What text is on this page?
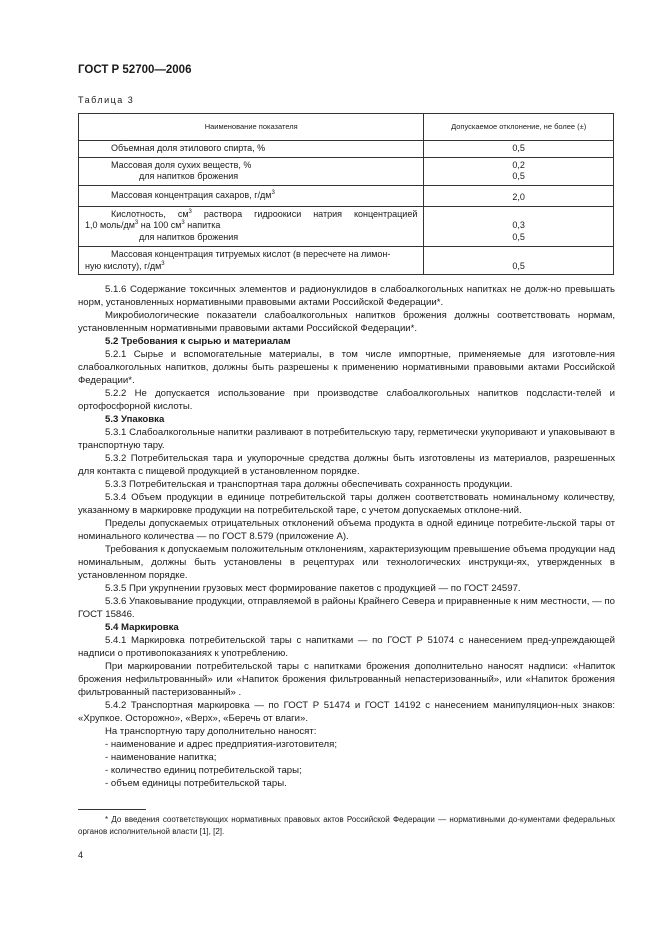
ГОСТ Р 52700—2006
Таблица 3
Наименование показателя	Допускаемое отклонение, не более (±)

Объемная доля этилового спирта, %	0,5

Массовая доля сухих веществ, %
для напитков брожения	0,2
0,5

Массовая концентрация сахаров, $г/дм^3$	2,0

Кислотность, $см^3$ раствора гидроокиси натрия концентрацией
1,0 моль/$дм^3$ на 100 $см^3$ напитка
для напитков брожения	0,3
0,5

Массовая концентрация титруемых кислот (в пересчете на лимон-
ную кислоту), $г/дм^3$	0,5

5.1.6 Содержание токсичных элементов и радионуклидов в слабоалкогольных напитках не долж-но превышать норм, установленных нормативными правовыми актами Российской Федерации*.

Микробиологические показатели слабоалкогольных напитков брожения должны соответствовать нормам, установленным нормативными правовыми актами Российской Федерации*.

5.2 Требования к сырью и материалам

5.2.1 Сырье и вспомогательные материалы, в том числе импортные, применяемые для изготовле-ния слабоалкогольных напитков, должны быть разрешены к применению нормативными правовыми актами Российской Федерации*.

5.2.2 Не допускается использование при производстве слабоалкогольных напитков подсласти-телей и ортофосфорной кислоты.

5.3 Упаковка

5.3.1 Слабоалкогольные напитки разливают в потребительскую тару, герметически укупоривают и упаковывают в транспортную тару.

5.3.2 Потребительская тара и укупорочные средства должны быть изготовлены из материалов, разрешенных для контакта с пищевой продукцией в установленном порядке.

5.3.3 Потребительская и транспортная тара должны обеспечивать сохранность продукции.

5.3.4 Объем продукции в единице потребительской тары должен соответствовать номинальному количеству, указанному в маркировке продукции на потребительской таре, с учетом допускаемых отклоне-ний.

Пределы допускаемых отрицательных отклонений объема продукта в одной единице потребите-льской тары от номинального количества — по ГОСТ 8.579 (приложение А).

Требования к допускаемым положительным отклонениям, характеризующим превышение объема продукции над номинальным, должны быть установлены в рецептурах или технологических инструкци-ях, утвержденных в установленном порядке.

5.3.5 При укрупнении грузовых мест формирование пакетов с продукцией — по ГОСТ 24597.

5.3.6 Упаковывание продукции, отправляемой в районы Крайнего Севера и приравненные к ним местности, — по ГОСТ 15846.

5.4 Маркировка

5.4.1 Маркировка потребительской тары с напитками — по ГОСТ Р 51074 с нанесением пред-упреждающей надписи о противопоказаниях к употреблению.

При маркировании потребительской тары с напитками брожения дополнительно наносят надписи: «Напиток брожения нефильтрованный» или «Напиток брожения фильтрованный непастеризованный», или «Напиток брожения фильтрованный пастеризованный» .

5.4.2 Транспортная маркировка — по ГОСТ Р 51474 и ГОСТ 14192 с нанесением манипуляцион-ных знаков: «Хрупкое. Осторожно», «Верх», «Беречь от влаги».

На транспортную тару дополнительно наносят:

- наименование и адрес предприятия-изготовителя;
- наименование напитка;
- количество единиц потребительской тары;
- объем единицы потребительской тары.
* До введения соответствующих нормативных правовых актов Российской Федерации — нормативными до-кументами федеральных органов исполнительной власти [1], [2].
4
